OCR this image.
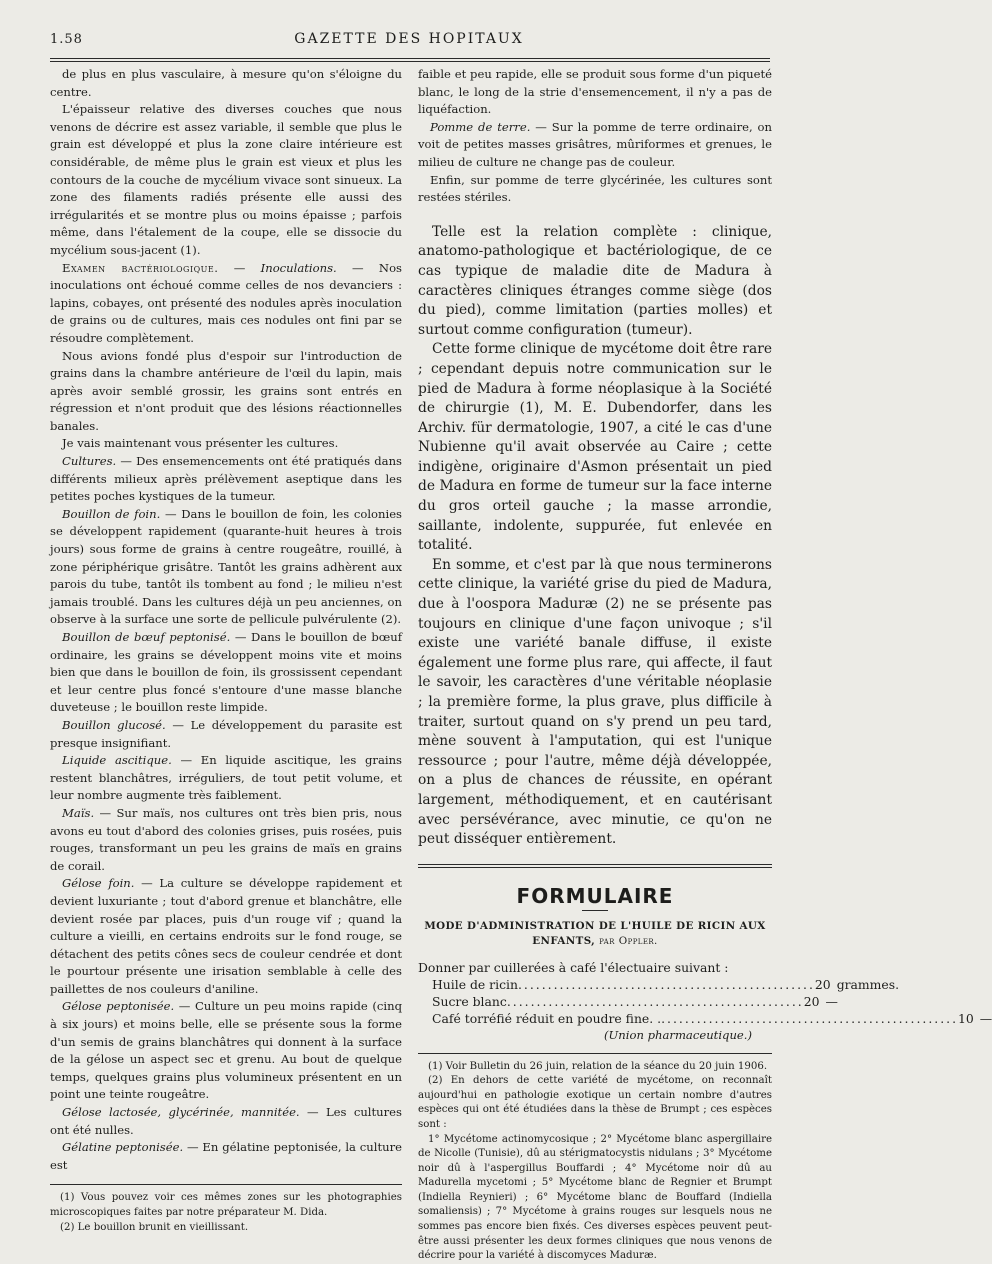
1.58	GAZETTE DES HOPITAUX

de plus en plus vasculaire, à mesure qu'on s'éloigne du centre.

L'épaisseur relative des diverses couches que nous venons de décrire est assez variable, il semble que plus le grain est développé et plus la zone claire intérieure est considérable, de même plus le grain est vieux et plus les contours de la couche de mycélium vivace sont sinueux. La zone des filaments radiés présente elle aussi des irrégularités et se montre plus ou moins épaisse ; parfois même, dans l'étalement de la coupe, elle se dissocie du mycélium sous-jacent (1).

Examen bactériologique. — Inoculations. — Nos inoculations ont échoué comme celles de nos devanciers : lapins, cobayes, ont présenté des nodules après inoculation de grains ou de cultures, mais ces nodules ont fini par se résoudre complètement.

Nous avions fondé plus d'espoir sur l'introduction de grains dans la chambre antérieure de l'œil du lapin, mais après avoir semblé grossir, les grains sont entrés en régression et n'ont produit que des lésions réactionnelles banales.

Je vais maintenant vous présenter les cultures.

Cultures. — Des ensemencements ont été pratiqués dans différents milieux après prélèvement aseptique dans les petites poches kystiques de la tumeur.

Bouillon de foin. — Dans le bouillon de foin, les colonies se développent rapidement (quarante-huit heures à trois jours) sous forme de grains à centre rougeâtre, rouillé, à zone périphérique grisâtre. Tantôt les grains adhèrent aux parois du tube, tantôt ils tombent au fond ; le milieu n'est jamais troublé. Dans les cultures déjà un peu anciennes, on observe à la surface une sorte de pellicule pulvérulente (2).

Bouillon de bœuf peptonisé. — Dans le bouillon de bœuf ordinaire, les grains se développent moins vite et moins bien que dans le bouillon de foin, ils grossissent cependant et leur centre plus foncé s'entoure d'une masse blanche duveteuse ; le bouillon reste limpide.

Bouillon glucosé. — Le développement du parasite est presque insignifiant.

Liquide ascitique. — En liquide ascitique, les grains restent blanchâtres, irréguliers, de tout petit volume, et leur nombre augmente très faiblement.

Maïs. — Sur maïs, nos cultures ont très bien pris, nous avons eu tout d'abord des colonies grises, puis rosées, puis rouges, transformant un peu les grains de maïs en grains de corail.

Gélose foin. — La culture se développe rapidement et devient luxuriante ; tout d'abord grenue et blanchâtre, elle devient rosée par places, puis d'un rouge vif ; quand la culture a vieilli, en certains endroits sur le fond rouge, se détachent des petits cônes secs de couleur cendrée et dont le pourtour présente une irisation semblable à celle des paillettes de nos couleurs d'aniline.

Gélose peptonisée. — Culture un peu moins rapide (cinq à six jours) et moins belle, elle se présente sous la forme d'un semis de grains blanchâtres qui donnent à la surface de la gélose un aspect sec et grenu. Au bout de quelque temps, quelques grains plus volumineux présentent en un point une teinte rougeâtre.

Gélose lactosée, glycérinée, mannitée. — Les cultures ont été nulles.

Gélatine peptonisée. — En gélatine peptonisée, la culture est

(1) Vous pouvez voir ces mêmes zones sur les photographies microscopiques faites par notre préparateur M. Dida.

(2) Le bouillon brunit en vieillissant.

faible et peu rapide, elle se produit sous forme d'un piqueté blanc, le long de la strie d'ensemencement, il n'y a pas de liquéfaction.

Pomme de terre. — Sur la pomme de terre ordinaire, on voit de petites masses grisâtres, mûriformes et grenues, le milieu de culture ne change pas de couleur.

Enfin, sur pomme de terre glycérinée, les cultures sont restées stériles.

Telle est la relation complète : clinique, anatomo-pathologique et bactériologique, de ce cas typique de maladie dite de Madura à caractères cliniques étranges comme siège (dos du pied), comme limitation (parties molles) et surtout comme configuration (tumeur).

Cette forme clinique de mycétome doit être rare ; cependant depuis notre communication sur le pied de Madura à forme néoplasique à la Société de chirurgie (1), M. E. Dubendorfer, dans les Archiv. für dermatologie, 1907, a cité le cas d'une Nubienne qu'il avait observée au Caire ; cette indigène, originaire d'Asmon présentait un pied de Madura en forme de tumeur sur la face interne du gros orteil gauche ; la masse arrondie, saillante, indolente, suppurée, fut enlevée en totalité.

En somme, et c'est par là que nous terminerons cette clinique, la variété grise du pied de Madura, due à l'oospora Maduræ (2) ne se présente pas toujours en clinique d'une façon univoque ; s'il existe une variété banale diffuse, il existe également une forme plus rare, qui affecte, il faut le savoir, les caractères d'une véritable néoplasie ; la première forme, la plus grave, plus difficile à traiter, surtout quand on s'y prend un peu tard, mène souvent à l'amputation, qui est l'unique ressource ; pour l'autre, même déjà développée, on a plus de chances de réussite, en opérant largement, méthodiquement, et en cautérisant avec persévérance, avec minutie, ce qu'on ne peut disséquer entièrement.

FORMULAIRE
MODE D'ADMINISTRATION DE L'HUILE DE RICIN AUX ENFANTS, par Oppler.

Donner par cuillerées à café l'électuaire suivant :

Huile de ricin .................................................. 20 grammes.
Sucre blanc .................................................. 20 —
Café torréfié réduit en poudre fine. . .................................................. 10 —
(Union pharmaceutique.)

(1) Voir Bulletin du 26 juin, relation de la séance du 20 juin 1906.

(2) En dehors de cette variété de mycétome, on reconnaît aujourd'hui en pathologie exotique un certain nombre d'autres espèces qui ont été étudiées dans la thèse de Brumpt ; ces espèces sont :

1° Mycétome actinomycosique ; 2° Mycétome blanc aspergillaire de Nicolle (Tunisie), dû au stérigmatocystis nidulans ; 3° Mycétome noir dû à l'aspergillus Bouffardi ; 4° Mycétome noir dû au Madurella mycetomi ; 5° Mycétome blanc de Regnier et Brumpt (Indiella Reynieri) ; 6° Mycétome blanc de Bouffard (Indiella somaliensis) ; 7° Mycétome à grains rouges sur lesquels nous ne sommes pas encore bien fixés. Ces diverses espèces peuvent peut-être aussi présenter les deux formes cliniques que nous venons de décrire pour la variété à discomyces Maduræ.
